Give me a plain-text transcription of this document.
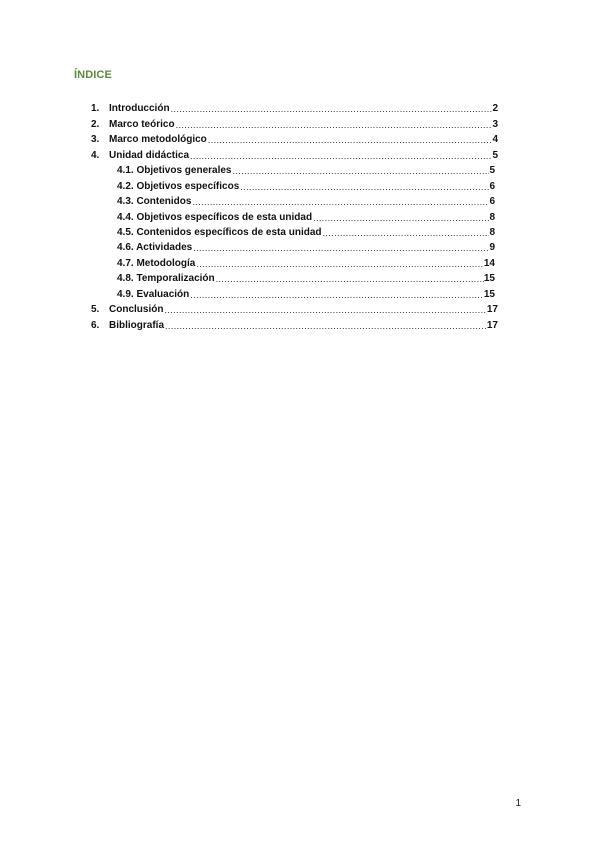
ÍNDICE
1. Introducción .....	2
2. Marco teórico .....	3
3. Marco metodológico .....	4
4. Unidad didáctica .....	5
4.1. Objetivos generales .....	5
4.2. Objetivos específicos .....	6
4.3. Contenidos .....	6
4.4. Objetivos específicos de esta unidad .....	8
4.5. Contenidos específicos de esta unidad .....	8
4.6. Actividades .....	9
4.7. Metodología .....	14
4.8. Temporalización .....	15
4.9. Evaluación .....	15
5. Conclusión .....	17
6. Bibliografía .....	17
1
